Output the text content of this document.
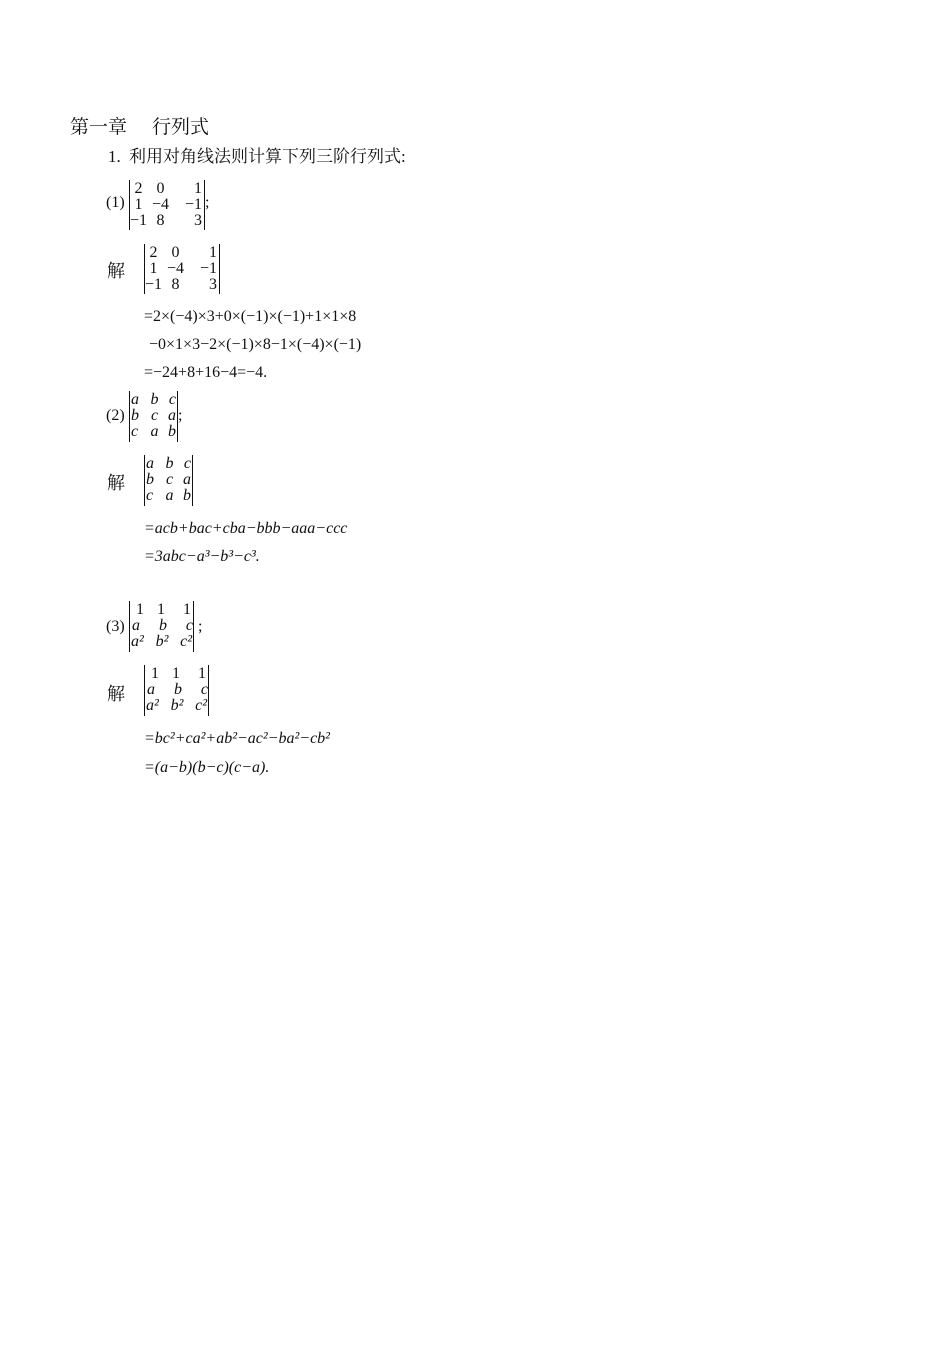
第一章 行列式
1. 利用对角线法则计算下列三阶行列式:
(1)
2 0	1
1 −4 −1
−1 8	3
;
解
2 0	1
1 −4 −1
−1 8	3
=2×(−4)×3+0×(−1)×(−1)+1×1×8
−0×1×3−2×(−1)×8−1×(−4)×(−1)
=−24+8+16−4=−4.
(2)
a b c
b c a
c a b
;
解
a b c
b c a
c a b
=acb+bac+cba−bbb−aaa−ccc
=3abc−a³−b³−c³.
(3)
1 1	1
a	b	c
a² b² c²
;
解
1 1	1
a	b	c
a² b² c²
=bc²+ca²+ab²−ac²−ba²−cb²
=(a−b)(b−c)(c−a).
